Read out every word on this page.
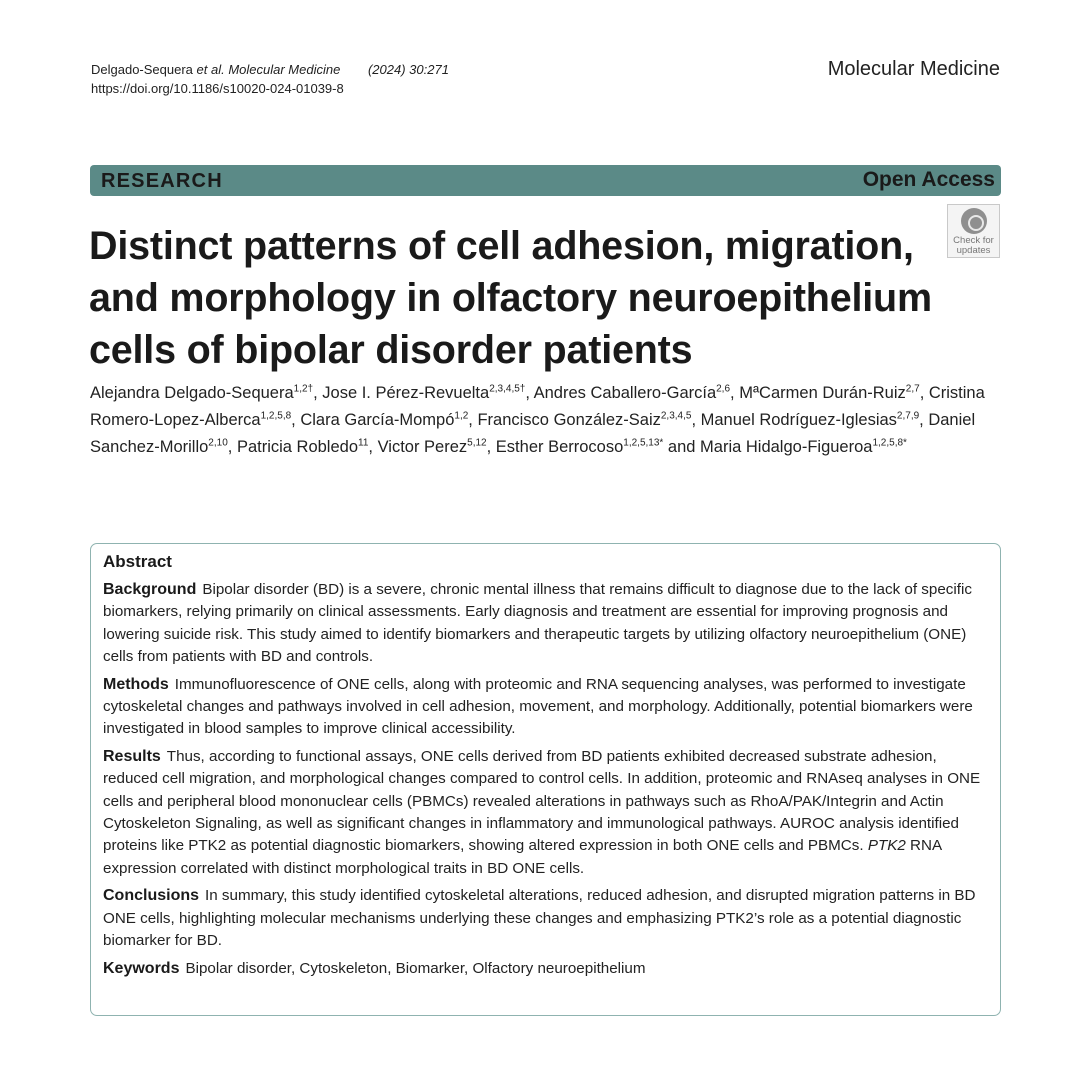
Delgado-Sequera et al. Molecular Medicine (2024) 30:271
https://doi.org/10.1186/s10020-024-01039-8
Molecular Medicine
RESEARCH	Open Access
Check for
updates
Distinct patterns of cell adhesion, migration, and morphology in olfactory neuroepithelium cells of bipolar disorder patients
Alejandra Delgado-Sequera$^{1,2\dagger}$, Jose I. Pérez-Revuelta$^{2,3,4,5\dagger}$, Andres Caballero-García$^{2,6}$, MªCarmen Durán-Ruiz$^{2,7}$, Cristina Romero-Lopez-Alberca$^{1,2,5,8}$, Clara García-Mompó$^{1,2}$, Francisco González-Saiz$^{2,3,4,5}$, Manuel Rodríguez-Iglesias$^{2,7,9}$, Daniel Sanchez-Morillo$^{2,10}$, Patricia Robledo$^{11}$, Victor Perez$^{5,12}$, Esther Berrocoso$^{1,2,5,13*}$ and Maria Hidalgo-Figueroa$^{1,2,5,8*}$
Abstract

Background Bipolar disorder (BD) is a severe, chronic mental illness that remains difficult to diagnose due to the lack of specific biomarkers, relying primarily on clinical assessments. Early diagnosis and treatment are essential for improving prognosis and lowering suicide risk. This study aimed to identify biomarkers and therapeutic targets by utilizing olfactory neuroepithelium (ONE) cells from patients with BD and controls.

Methods Immunofluorescence of ONE cells, along with proteomic and RNA sequencing analyses, was performed to investigate cytoskeletal changes and pathways involved in cell adhesion, movement, and morphology. Additionally, potential biomarkers were investigated in blood samples to improve clinical accessibility.

Results Thus, according to functional assays, ONE cells derived from BD patients exhibited decreased substrate adhesion, reduced cell migration, and morphological changes compared to control cells. In addition, proteomic and RNAseq analyses in ONE cells and peripheral blood mononuclear cells (PBMCs) revealed alterations in pathways such as RhoA/PAK/Integrin and Actin Cytoskeleton Signaling, as well as significant changes in inflammatory and immunological pathways. AUROC analysis identified proteins like PTK2 as potential diagnostic biomarkers, showing altered expression in both ONE cells and PBMCs. PTK2 RNA expression correlated with distinct morphological traits in BD ONE cells.

Conclusions In summary, this study identified cytoskeletal alterations, reduced adhesion, and disrupted migration patterns in BD ONE cells, highlighting molecular mechanisms underlying these changes and emphasizing PTK2’s role as a potential diagnostic biomarker for BD.

Keywords Bipolar disorder, Cytoskeleton, Biomarker, Olfactory neuroepithelium
